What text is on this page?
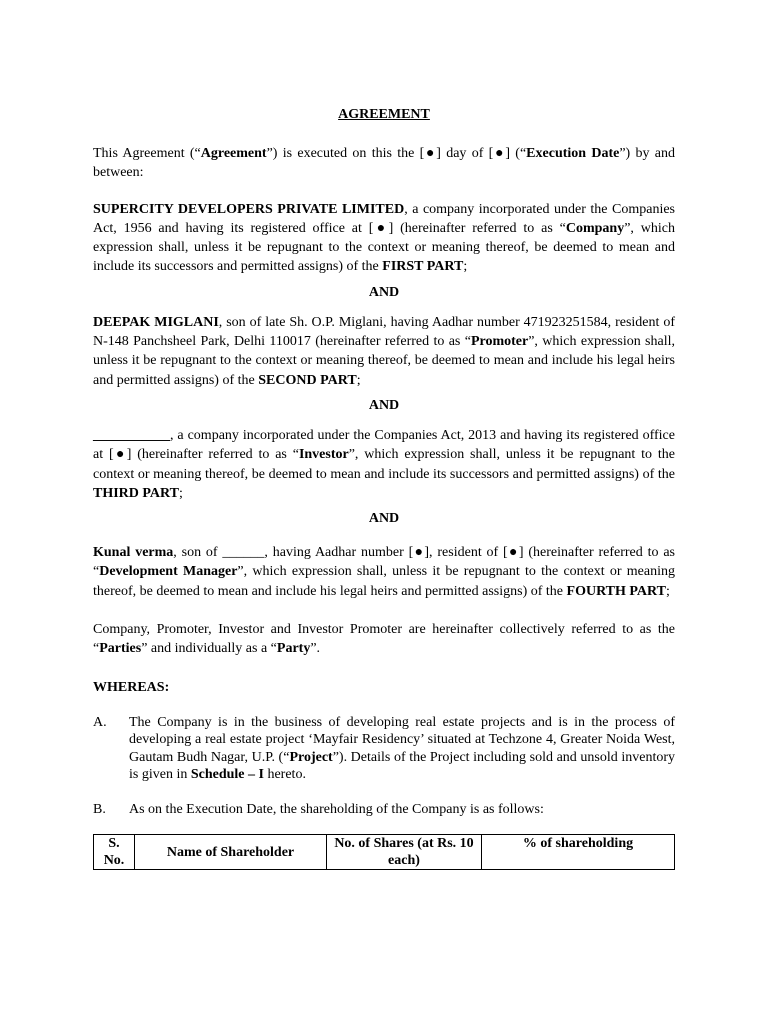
AGREEMENT

This Agreement (“Agreement”) is executed on this the [●] day of [●] (“Execution Date”) by and between:

SUPERCITY DEVELOPERS PRIVATE LIMITED, a company incorporated under the Companies Act, 1956 and having its registered office at [●] (hereinafter referred to as “Company”, which expression shall, unless it be repugnant to the context or meaning thereof, be deemed to mean and include its successors and permitted assigns) of the FIRST PART;

AND

DEEPAK MIGLANI, son of late Sh. O.P. Miglani, having Aadhar number 471923251584, resident of N-148 Panchsheel Park, Delhi 110017 (hereinafter referred to as “Promoter”, which expression shall, unless it be repugnant to the context or meaning thereof, be deemed to mean and include his legal heirs and permitted assigns) of the SECOND PART;

AND

___________, a company incorporated under the Companies Act, 2013 and having its registered office at [●] (hereinafter referred to as “Investor”, which expression shall, unless it be repugnant to the context or meaning thereof, be deemed to mean and include its successors and permitted assigns) of the THIRD PART;

AND

Kunal verma, son of ______, having Aadhar number [●], resident of [●] (hereinafter referred to as “Development Manager”, which expression shall, unless it be repugnant to the context or meaning thereof, be deemed to mean and include his legal heirs and permitted assigns) of the FOURTH PART;

Company, Promoter, Investor and Investor Promoter are hereinafter collectively referred to as the “Parties” and individually as a “Party”.

WHEREAS:
A. The Company is in the business of developing real estate projects and is in the process of developing a real estate project ‘Mayfair Residency’ situated at Techzone 4, Greater Noida West, Gautam Budh Nagar, U.P. (“Project”). Details of the Project including sold and unsold inventory is given in Schedule – I hereto.
B. As on the Execution Date, the shareholding of the Company is as follows:
S. No.	Name of Shareholder	No. of Shares (at Rs. 10 each)	% of shareholding
